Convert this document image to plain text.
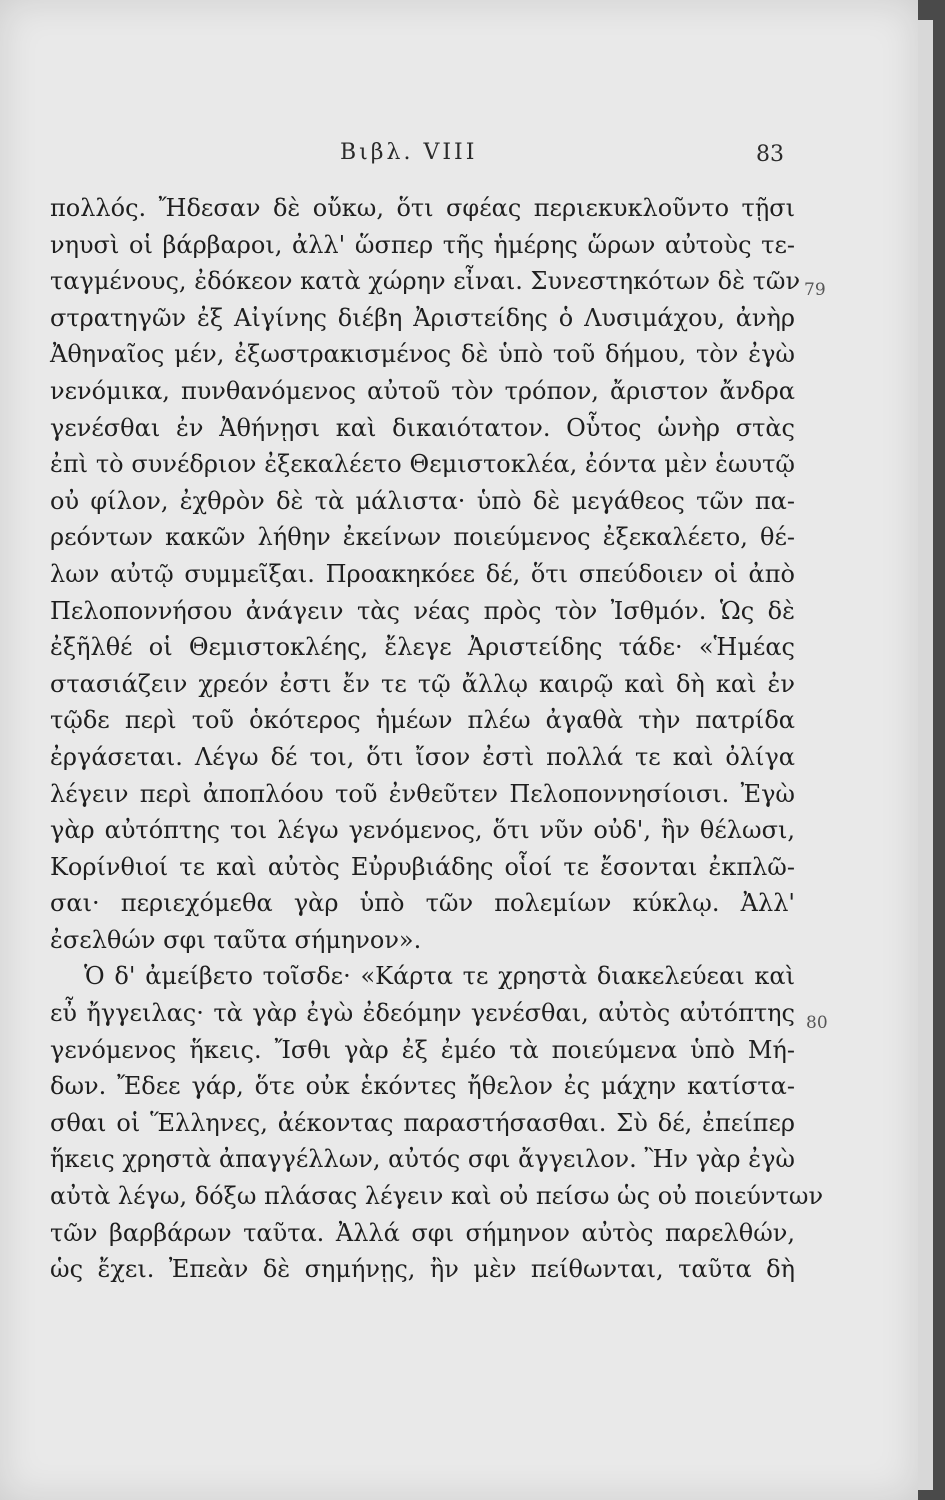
Βιβλ. VIII	83
79
80
πολλός. Ἤδεσαν δὲ οὔκω, ὅτι σφέας περιεκυκλοῦντο τῇσι
νηυσὶ οἱ βάρβαροι, ἀλλ' ὥσπερ τῆς ἡμέρης ὥρων αὐτοὺς τε-
ταγμένους, ἐδόκεον κατὰ χώρην εἶναι. Συνεστηκότων δὲ τῶν
στρατηγῶν ἐξ Αἰγίνης διέβη Ἀριστείδης ὁ Λυσιμάχου, ἀνὴρ
Ἀθηναῖος μέν, ἐξωστρακισμένος δὲ ὑπὸ τοῦ δήμου, τὸν ἐγὼ
νενόμικα, πυνθανόμενος αὐτοῦ τὸν τρόπον, ἄριστον ἄνδρα
γενέσθαι ἐν Ἀθήνῃσι καὶ δικαιότατον. Οὗτος ὡνὴρ στὰς
ἐπὶ τὸ συνέδριον ἐξεκαλέετο Θεμιστοκλέα, ἐόντα μὲν ἑωυτῷ
οὐ φίλον, ἐχθρὸν δὲ τὰ μάλιστα· ὑπὸ δὲ μεγάθεος τῶν πα-
ρεόντων κακῶν λήθην ἐκείνων ποιεύμενος ἐξεκαλέετο, θέ-
λων αὐτῷ συμμεῖξαι. Προακηκόεε δέ, ὅτι σπεύδοιεν οἱ ἀπὸ
Πελοποννήσου ἀνάγειν τὰς νέας πρὸς τὸν Ἰσθμόν. Ὡς δὲ
ἐξῆλθέ οἱ Θεμιστοκλέης, ἔλεγε Ἀριστείδης τάδε· «Ἡμέας
στασιάζειν χρεόν ἐστι ἔν τε τῷ ἄλλῳ καιρῷ καὶ δὴ καὶ ἐν
τῷδε περὶ τοῦ ὁκότερος ἡμέων πλέω ἀγαθὰ τὴν πατρίδα
ἐργάσεται. Λέγω δέ τοι, ὅτι ἴσον ἐστὶ πολλά τε καὶ ὀλίγα
λέγειν περὶ ἀποπλόου τοῦ ἐνθεῦτεν Πελοποννησίοισι. Ἐγὼ
γὰρ αὐτόπτης τοι λέγω γενόμενος, ὅτι νῦν οὐδ', ἢν θέλωσι,
Κορίνθιοί τε καὶ αὐτὸς Εὐρυβιάδης οἷοί τε ἔσονται ἐκπλῶ-
σαι· περιεχόμεθα γὰρ ὑπὸ τῶν πολεμίων κύκλῳ. Ἀλλ'
ἐσελθών σφι ταῦτα σήμηνον».
Ὁ δ' ἀμείβετο τοῖσδε· «Κάρτα τε χρηστὰ διακελεύεαι καὶ
εὖ ἤγγειλας· τὰ γὰρ ἐγὼ ἐδεόμην γενέσθαι, αὐτὸς αὐτόπτης
γενόμενος ἥκεις. Ἴσθι γὰρ ἐξ ἐμέο τὰ ποιεύμενα ὑπὸ Μή-
δων. Ἔδεε γάρ, ὅτε οὐκ ἑκόντες ἤθελον ἐς μάχην κατίστα-
σθαι οἱ Ἕλληνες, ἀέκοντας παραστήσασθαι. Σὺ δέ, ἐπείπερ
ἥκεις χρηστὰ ἀπαγγέλλων, αὐτός σφι ἄγγειλον. Ἢν γὰρ ἐγὼ
αὐτὰ λέγω, δόξω πλάσας λέγειν καὶ οὐ πείσω ὡς οὐ ποιεύντων
τῶν βαρβάρων ταῦτα. Ἀλλά σφι σήμηνον αὐτὸς παρελθών,
ὡς ἔχει. Ἐπεὰν δὲ σημήνῃς, ἢν μὲν πείθωνται, ταῦτα δὴ
